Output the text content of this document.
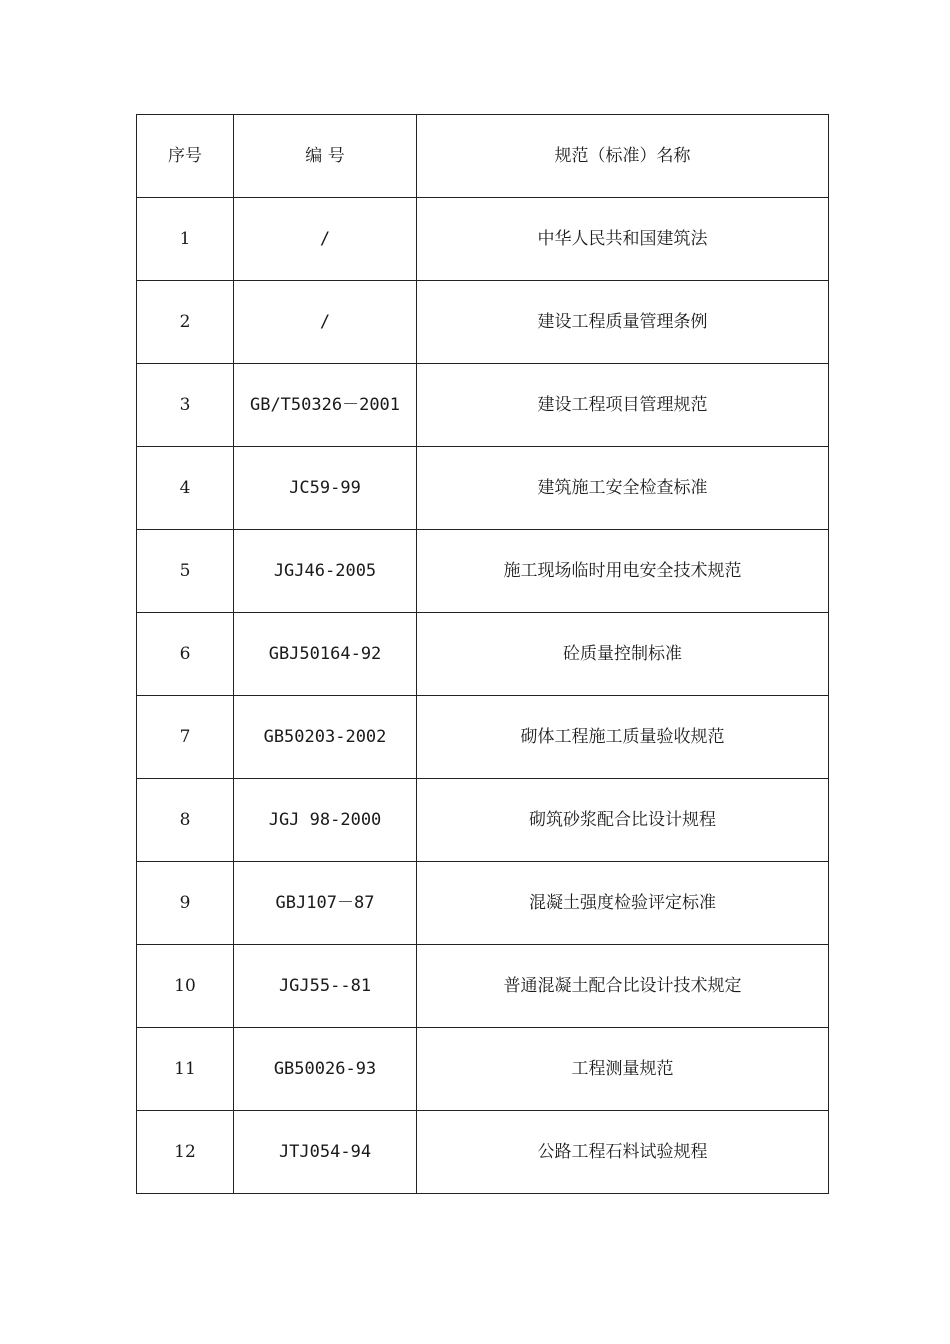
序号	编 号	规范（标准）名称
1	/	中华人民共和国建筑法
2	/	建设工程质量管理条例
3	GB/T50326－2001	建设工程项目管理规范
4	JC59-99	建筑施工安全检查标准
5	JGJ46-2005	施工现场临时用电安全技术规范
6	GBJ50164-92	砼质量控制标准
7	GB50203-2002	砌体工程施工质量验收规范
8	JGJ 98-2000	砌筑砂浆配合比设计规程
9	GBJ107－87	混凝土强度检验评定标准
10	JGJ55--81	普通混凝土配合比设计技术规定
11	GB50026-93	工程测量规范
12	JTJ054-94	公路工程石料试验规程
